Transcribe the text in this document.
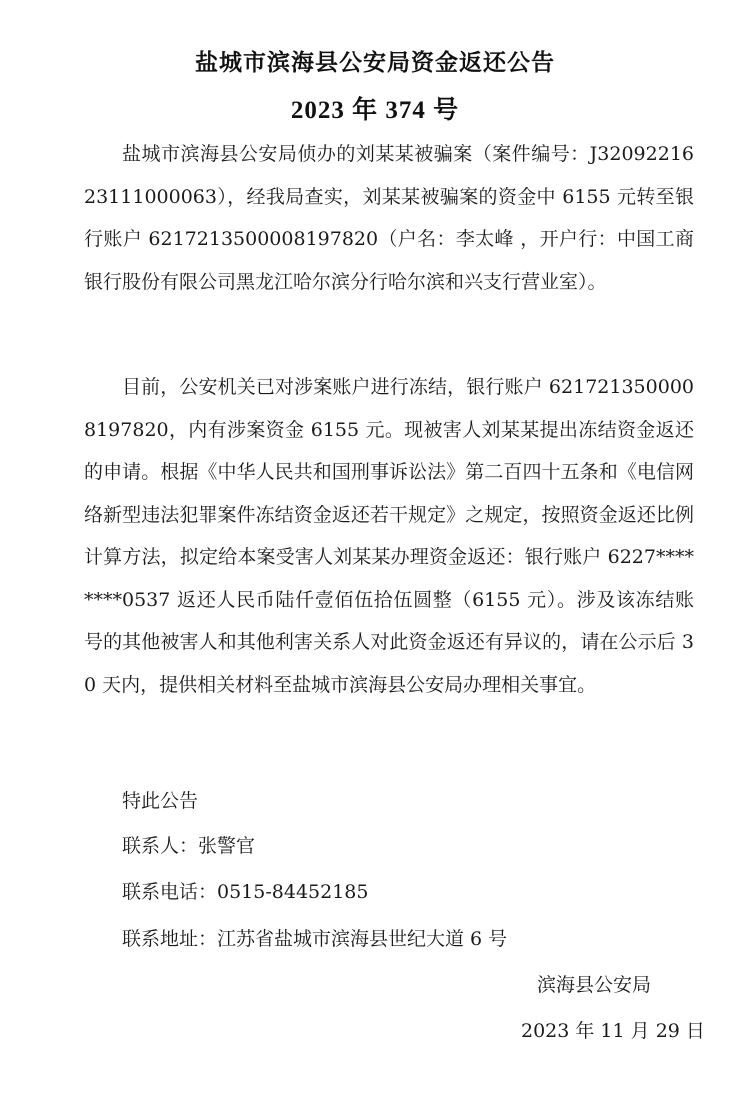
盐城市滨海县公安局资金返还公告
2023 年 374 号

盐城市滨海县公安局侦办的刘某某被骗案（案件编号：J3209221623111000063），经我局查实，刘某某被骗案的资金中 6155 元转至银行账户 6217213500008197820（户名：李太峰 ，开户行：中国工商银行股份有限公司黑龙江哈尔滨分行哈尔滨和兴支行营业室）。

目前，公安机关已对涉案账户进行冻结，银行账户 6217213500008197820，内有涉案资金 6155 元。现被害人刘某某提出冻结资金返还的申请。根据《中华人民共和国刑事诉讼法》第二百四十五条和《电信网络新型违法犯罪案件冻结资金返还若干规定》之规定，按照资金返还比例计算方法，拟定给本案受害人刘某某办理资金返还：银行账户 6227********0537 返还人民币陆仟壹佰伍拾伍圆整（6155 元）。涉及该冻结账号的其他被害人和其他利害关系人对此资金返还有异议的，请在公示后 30 天内，提供相关材料至盐城市滨海县公安局办理相关事宜。

特此公告
联系人：张警官
联系电话：0515-84452185
联系地址：江苏省盐城市滨海县世纪大道 6 号
滨海县公安局
2023 年 11 月 29 日
